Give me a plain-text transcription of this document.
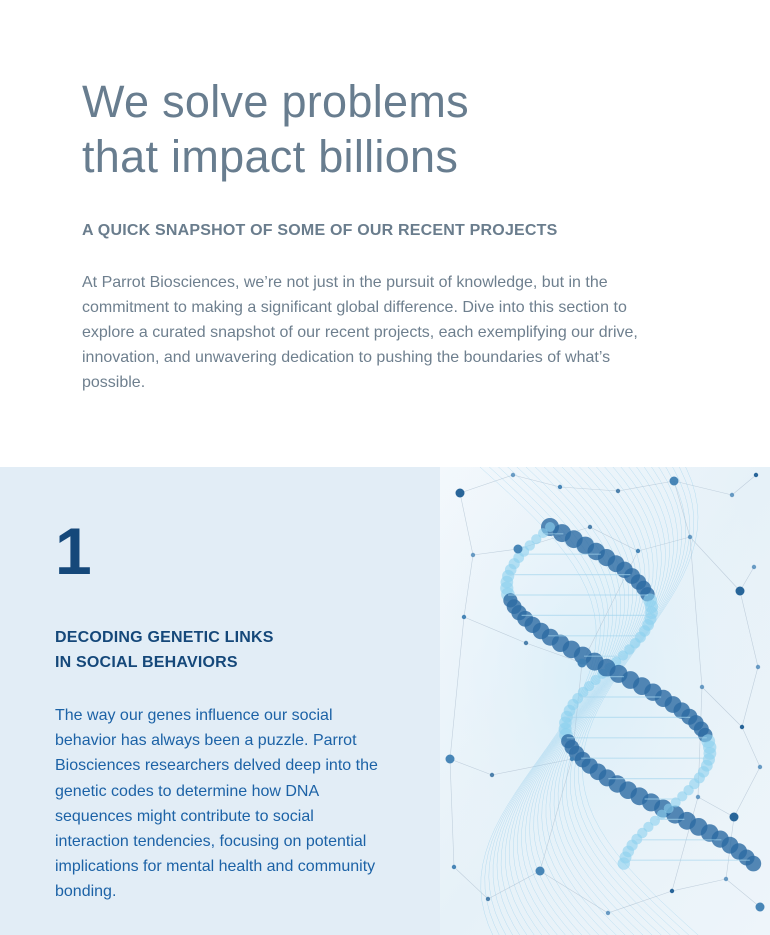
We solve problems
that impact billions
A QUICK SNAPSHOT OF SOME OF OUR RECENT PROJECTS

At Parrot Biosciences, we’re not just in the pursuit of knowledge, but in the commitment to making a significant global difference. Dive into this section to explore a curated snapshot of our recent projects, each exemplifying our drive, innovation, and unwavering dedication to pushing the boundaries of what’s possible.

1
DECODING GENETIC LINKS
IN SOCIAL BEHAVIORS

The way our genes influence our social behavior has always been a puzzle. Parrot Biosciences researchers delved deep into the genetic codes to determine how DNA sequences might contribute to social interaction tendencies, focusing on potential implications for mental health and community bonding.
